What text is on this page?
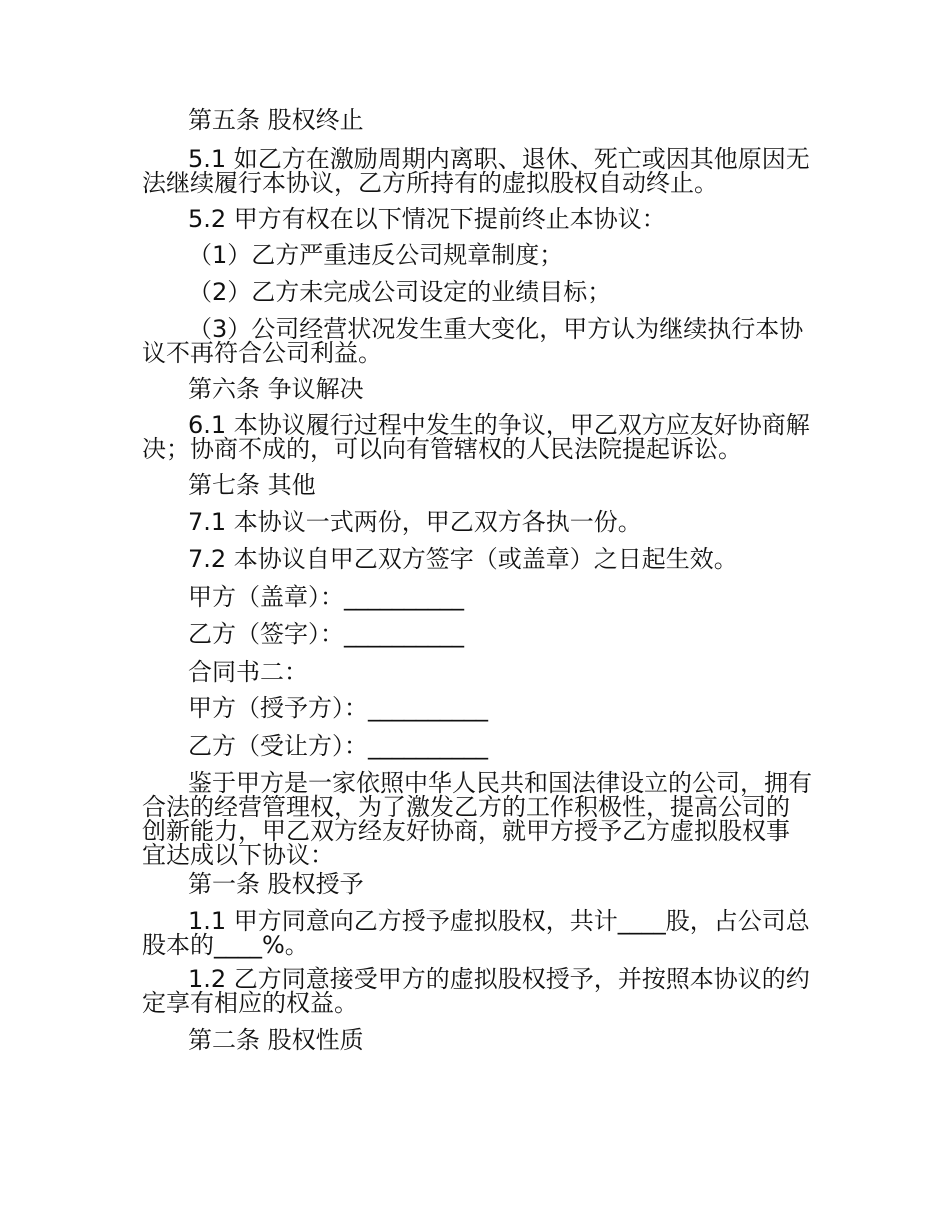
第五条 股权终止

5.1 如乙方在激励周期内离职、退休、死亡或因其他原因无法继续履行本协议，乙方所持有的虚拟股权自动终止。

5.2 甲方有权在以下情况下提前终止本协议：

（1）乙方严重违反公司规章制度；

（2）乙方未完成公司设定的业绩目标；

（3）公司经营状况发生重大变化，甲方认为继续执行本协议不再符合公司利益。

第六条 争议解决

6.1 本协议履行过程中发生的争议，甲乙双方应友好协商解决；协商不成的，可以向有管辖权的人民法院提起诉讼。

第七条 其他

7.1 本协议一式两份，甲乙双方各执一份。

7.2 本协议自甲乙双方签字（或盖章）之日起生效。

甲方（盖章）：__________

乙方（签字）：__________

合同书二：

甲方（授予方）：__________

乙方（受让方）：__________

鉴于甲方是一家依照中华人民共和国法律设立的公司，拥有合法的经营管理权，为了激发乙方的工作积极性，提高公司的创新能力，甲乙双方经友好协商，就甲方授予乙方虚拟股权事宜达成以下协议：

第一条 股权授予

1.1 甲方同意向乙方授予虚拟股权，共计____股，占公司总股本的____%。

1.2 乙方同意接受甲方的虚拟股权授予，并按照本协议的约定享有相应的权益。

第二条 股权性质
